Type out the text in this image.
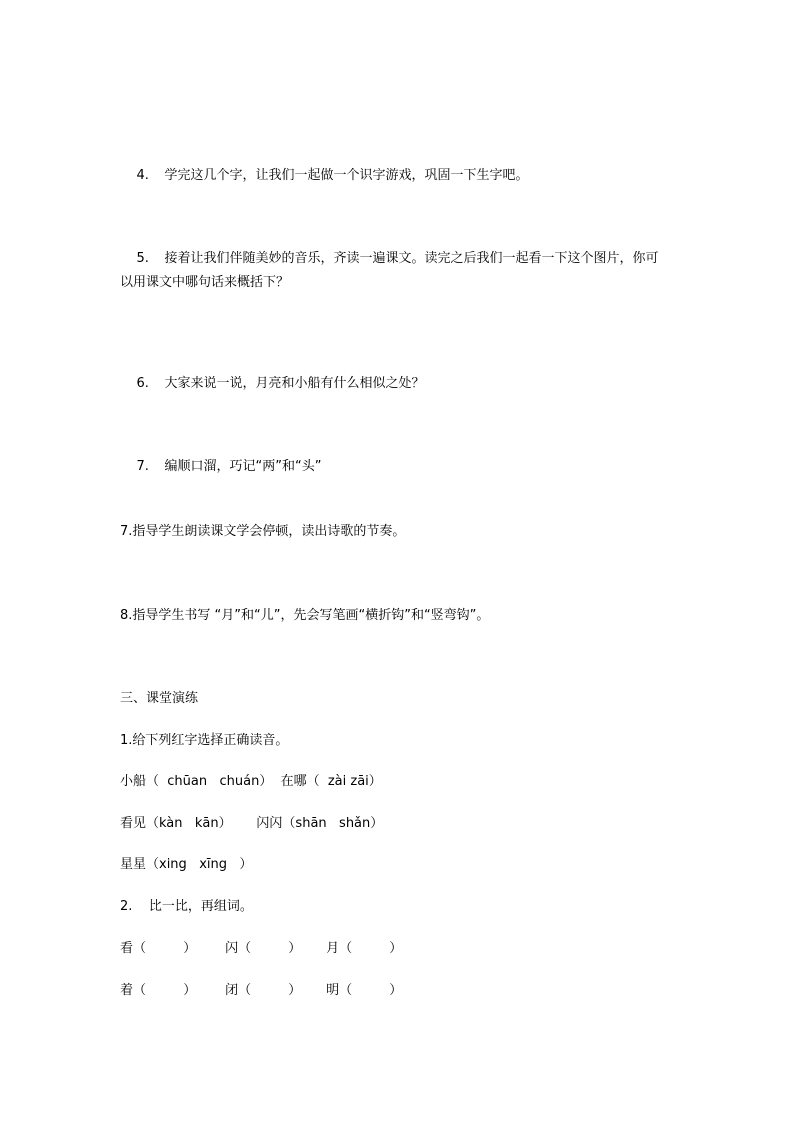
4. 学完这几个字，让我们一起做一个识字游戏，巩固一下生字吧。

5. 接着让我们伴随美妙的音乐，齐读一遍课文。读完之后我们一起看一下这个图片，你可

以用课文中哪句话来概括下？

6. 大家来说一说，月亮和小船有什么相似之处？

7. 编顺口溜，巧记“两”和“头”

7.指导学生朗读课文学会停顿，读出诗歌的节奏。
8.指导学生书写 “月”和“儿”，先会写笔画“横折钩”和“竖弯钩”。
三、课堂演练
1.给下列红字选择正确读音。
小船（  chūan   chuán）  在哪（  zài zāi）
看见（kàn   kān）      闪闪（shān   shǎn）
星星（xing   xīng   ）
2.    比一比，再组词。
看（         ）       闪（         ）      月（         ）
着（         ）       闭（         ）      明（         ）
